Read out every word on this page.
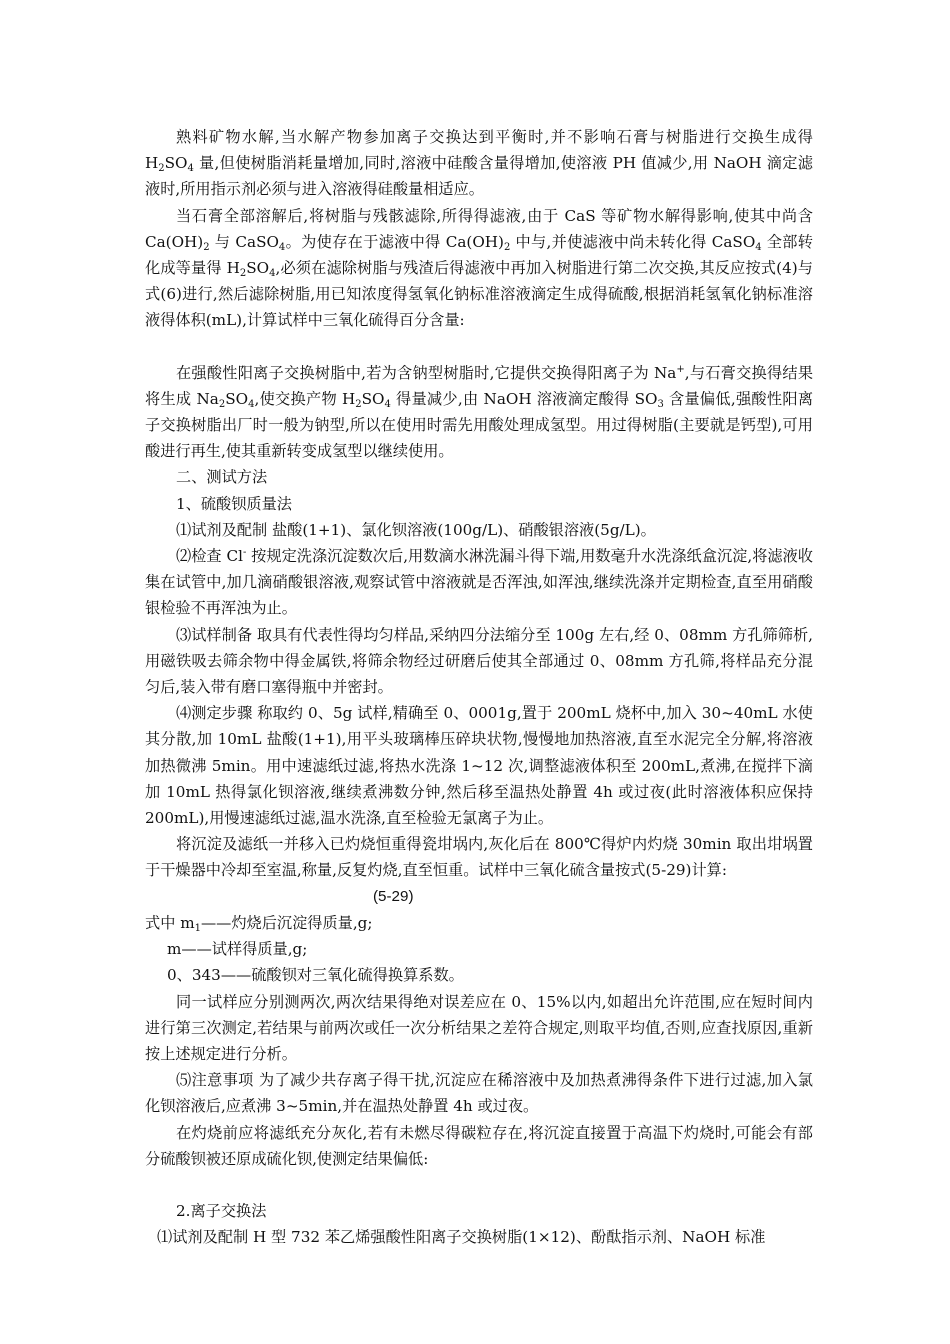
熟料矿物水解,当水解产物参加离子交换达到平衡时,并不影响石膏与树脂进行交换生成得 $H_2SO_4$ 量,但使树脂消耗量增加,同时,溶液中硅酸含量得增加,使溶液 PH 值减少,用 NaOH 滴定滤液时,所用指示剂必须与进入溶液得硅酸量相适应。

当石膏全部溶解后,将树脂与残骸滤除,所得得滤液,由于 CaS 等矿物水解得影响,使其中尚含 $Ca(OH)_2$ 与 CaSO$_4$。为使存在于滤液中得 $Ca(OH)_2$ 中与,并使滤液中尚未转化得 CaSO$_4$ 全部转化成等量得 $H_2SO_4$,必须在滤除树脂与残渣后得滤液中再加入树脂进行第二次交换,其反应按式(4)与式(6)进行,然后滤除树脂,用已知浓度得氢氧化钠标准溶液滴定生成得硫酸,根据消耗氢氧化钠标准溶液得体积(mL),计算试样中三氧化硫得百分含量:

在强酸性阳离子交换树脂中,若为含钠型树脂时,它提供交换得阳离子为 Na+,与石膏交换得结果将生成 $Na_2SO_4$,使交换产物 $H_2SO_4$ 得量减少,由 NaOH 溶液滴定酸得 $SO_3$ 含量偏低,强酸性阳离子交换树脂出厂时一般为钠型,所以在使用时需先用酸处理成氢型。用过得树脂(主要就是钙型),可用酸进行再生,使其重新转变成氢型以继续使用。

二、测试方法

1、硫酸钡质量法

⑴试剂及配制 盐酸(1+1)、氯化钡溶液(100g/L)、硝酸银溶液(5g/L)。

⑵检查 Cl- 按规定洗涤沉淀数次后,用数滴水淋洗漏斗得下端,用数毫升水洗涤纸盒沉淀,将滤液收集在试管中,加几滴硝酸银溶液,观察试管中溶液就是否浑浊,如浑浊,继续洗涤并定期检查,直至用硝酸银检验不再浑浊为止。

⑶试样制备 取具有代表性得均匀样品,采纳四分法缩分至 100g 左右,经 0、08mm 方孔筛筛析,用磁铁吸去筛余物中得金属铁,将筛余物经过研磨后使其全部通过 0、08mm 方孔筛,将样品充分混匀后,装入带有磨口塞得瓶中并密封。

⑷测定步骤 称取约 0、5g 试样,精确至 0、0001g,置于 200mL 烧杯中,加入 30~40mL 水使其分散,加 10mL 盐酸(1+1),用平头玻璃棒压碎块状物,慢慢地加热溶液,直至水泥完全分解,将溶液加热微沸 5min。用中速滤纸过滤,将热水洗涤 1~12 次,调整滤液体积至 200mL,煮沸,在搅拌下滴加 10mL 热得氯化钡溶液,继续煮沸数分钟,然后移至温热处静置 4h 或过夜(此时溶液体积应保持 200mL),用慢速滤纸过滤,温水洗涤,直至检验无氯离子为止。

将沉淀及滤纸一并移入已灼烧恒重得瓷坩埚内,灰化后在 800℃得炉内灼烧 30min 取出坩埚置于干燥器中冷却至室温,称量,反复灼烧,直至恒重。试样中三氧化硫含量按式(5-29)计算:

(5-29)

式中 $m_1——$灼烧后沉淀得质量,g;

m——试样得质量,g;

0、343——硫酸钡对三氧化硫得换算系数。

同一试样应分别测两次,两次结果得绝对误差应在 0、15%以内,如超出允许范围,应在短时间内进行第三次测定,若结果与前两次或任一次分析结果之差符合规定,则取平均值,否则,应查找原因,重新按上述规定进行分析。

⑸注意事项 为了减少共存离子得干扰,沉淀应在稀溶液中及加热煮沸得条件下进行过滤,加入氯化钡溶液后,应煮沸 3~5min,并在温热处静置 4h 或过夜。

在灼烧前应将滤纸充分灰化,若有未燃尽得碳粒存在,将沉淀直接置于高温下灼烧时,可能会有部分硫酸钡被还原成硫化钡,使测定结果偏低:

2.离子交换法

⑴试剂及配制 H 型 732 苯乙烯强酸性阳离子交换树脂(1×12)、酚酞指示剂、NaOH 标准
